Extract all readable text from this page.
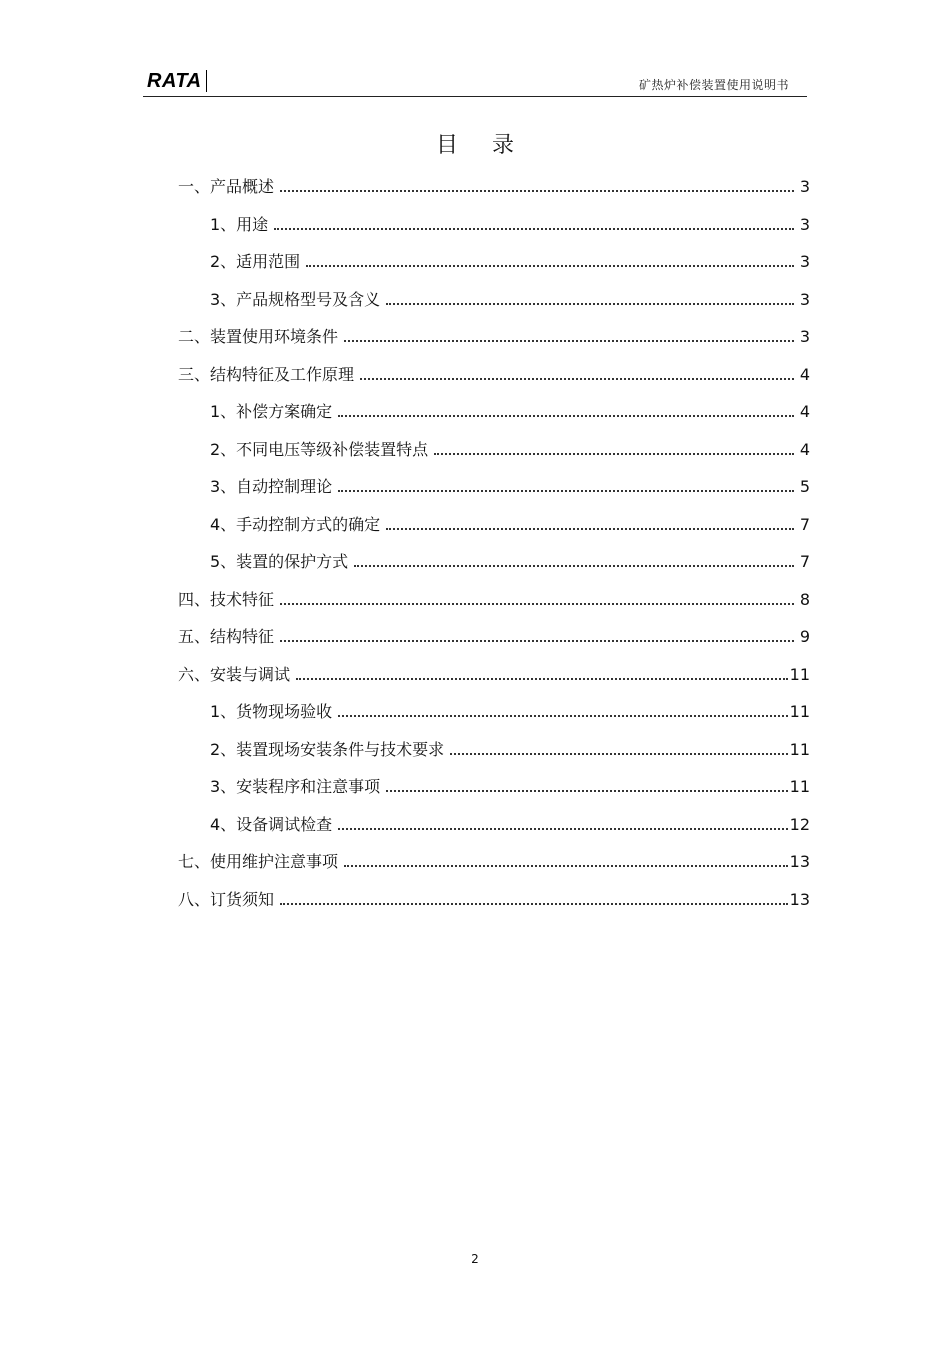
RATA	矿热炉补偿装置使用说明书
目录
一、产品概述	3
1、用途	3
2、适用范围	3
3、产品规格型号及含义	3
二、装置使用环境条件	3
三、结构特征及工作原理	4
1、补偿方案确定	4
2、不同电压等级补偿装置特点	4
3、自动控制理论	5
4、手动控制方式的确定	7
5、装置的保护方式	7
四、技术特征	8
五、结构特征	9
六、安装与调试	11
1、货物现场验收	11
2、装置现场安装条件与技术要求	11
3、安装程序和注意事项	11
4、设备调试检查	12
七、使用维护注意事项	13
八、订货须知	13
2
